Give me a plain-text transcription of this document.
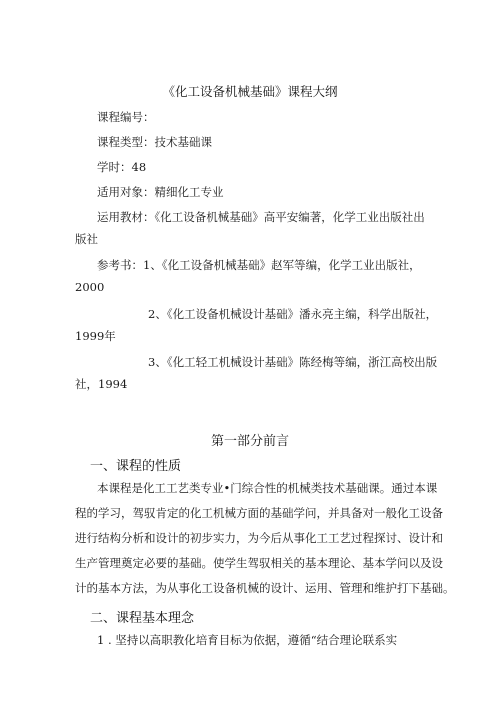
《化工设备机械基础》课程大纲
课程编号：
课程类型：技术基础课
学时：48
适用对象：精细化工专业
运用教材：《化工设备机械基础》高平安编著，化学工业出版社出
版社
参考书：1、《化工设备机械基础》赵军等编，化学工业出版社，
2000
2、《化工设备机械设计基础》潘永亮主编，科学出版社，
1999年
3、《化工轻工机械设计基础》陈经梅等编，浙江高校出版
社，1994
第一部分前言
一、课程的性质
本课程是化工工艺类专业•门综合性的机械类技术基础课。通过本课
程的学习，驾驭肯定的化工机械方面的基础学问，并具备对一般化工设备
进行结构分析和设计的初步实力，为今后从事化工工艺过程探讨、设计和
生产管理奠定必要的基础。使学生驾驭相关的基本理论、基本学问以及设
计的基本方法，为从事化工设备机械的设计、运用、管理和维护打下基础。
二、课程基本理念
1 . 坚持以高职教化培育目标为依据，遵循“结合理论联系实
